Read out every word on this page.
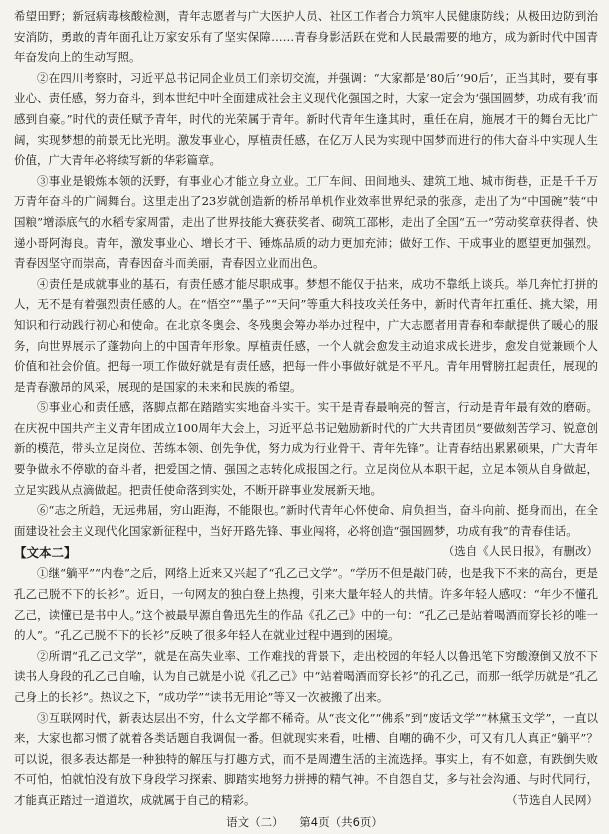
希望田野；新冠病毒核酸检测，青年志愿者与广大医护人员、社区工作者合力筑牢人民健康防线；从极田边防到治安消防，勇敢的青年面孔让万家安乐有了坚实保障……青春身影活跃在党和人民最需要的地方，成为新时代中国青年奋发向上的生动写照。

②在四川考察时，习近平总书记同企业员工们亲切交流，并强调：“大家都是‘80后’‘90后’，正当其时，要有事业心、责任感，努力奋斗，到本世纪中叶全面建成社会主义现代化强国之时，大家一定会为‘强国圆梦，功成有我’而感到自豪。”时代的责任赋予青年，时代的光荣属于青年。新时代青年生逢其时，重任在肩，施展才干的舞台无比广阔，实现梦想的前景无比光明。激发事业心，厚植责任感，在亿万人民为实现中国梦而进行的伟大奋斗中实现人生价值，广大青年必将续写新的华彩篇章。

③事业是锻炼本领的沃野，有事业心才能立身立业。工厂车间、田间地头、建筑工地、城市街巷，正是千千万万青年奋斗的广阔舞台。这里走出了23岁就创造新的桥吊单机作业效率世界纪录的张彦，走出了为“中国碗”装“中国粮”增添底气的水稻专家周雷，走出了世界技能大赛获奖者、砌筑工邵彬，走出了全国“五一”劳动奖章获得者、快递小哥阿海良。青年，激发事业心、增长才干、锤炼品质的动力更加充沛；做好工作、干成事业的愿望更加强烈。青春因坚守而崇高，青春因奋斗而美丽，青春因立业而出色。

④责任是成就事业的基石，有责任感才能尽职成事。梦想不能仅于拈来，成功不靠纸上谈兵。举几奔忙打拼的人，无不是有着强烈责任感的人。在“悟空”“墨子”“天问”等重大科技攻关任务中，新时代青年扛重任、挑大梁，用知识和行动践行初心和使命。在北京冬奥会、冬残奥会筹办举办过程中，广大志愿者用青春和奉献提供了暖心的服务，向世界展示了蓬勃向上的中国青年形象。厚植责任感，一个人就会愈发主动追求成长进步，愈发自觉兼顾个人价值和社会价值。把每一项工作做好就是有责任感，把每一件小事做好就是不平凡。青年用臂膀扛起责任，展现的是青春激昂的风采，展现的是国家的未来和民族的希望。

⑤事业心和责任感，落脚点都在踏踏实实地奋斗实干。实干是青春最响亮的誓言，行动是青年最有效的磨砺。在庆祝中国共产主义青年团成立100周年大会上，习近平总书记勉励新时代的广大共青团员“要做刻苦学习、锐意创新的模范，带头立足岗位、苦练本领、创先争优，努力成为行业骨干、青年先锋”。让青春结出累累硕果，广大青年要争做永不停歇的奋斗者，把爱国之情、强国之志转化成报国之行。立足岗位从本职干起，立足本领从自身做起，立足实践从点滴做起。把责任使命落到实处，不断开辟事业发展新天地。

⑥“志之所趋，无远弗届，穷山距海，不能限也。”新时代青年心怀使命、肩负担当，奋斗向前、挺身而出，在全面建设社会主义现代化国家新征程中，当好开路先锋、事业闯将，必将创造“强国圆梦，功成有我”的青春佳话。
（选自《人民日报》，有删改）

【文本二】

①继“躺平”“内卷”之后，网络上近来又兴起了“孔乙己文学”。“学历不但是敲门砖，也是我下不来的高台，更是孔乙己脱不下的长衫”。近日，一句网友的独白登上热搜，引来大量年轻人的共情。许多年轻人感叹：“年少不懂孔乙己，读懂已是书中人。”这个被最早源自鲁迅先生的作品《孔乙己》中的一句：“孔乙己是站着喝酒而穿长衫的唯一的人”。“孔乙己脱不下的长衫”反映了很多年轻人在就业过程中遇到的困境。

②所谓“孔乙己文学”，就是在高失业率、工作难找的背景下，走出校园的年轻人以鲁迅笔下穷酸潦倒又放不下读书人身段的孔乙己自喻，认为自己就是小说《孔乙己》中“站着喝酒而穿长衫”的孔乙己，而那一纸学历就是“孔乙己身上的长衫”。热议之下，“成功学”“读书无用论”等又一次被搬了出来。

③互联网时代，新表达层出不穷，什么文学都不稀奇。从“丧文化”“佛系”到“废话文学”“林黛玉文学”，一直以来，大家也都习惯了就着各类话题自我调侃一番。但就现实来看，吐槽、自嘲的确不少，可又有几人真正“躺平”？可以说，很多表达都是一种独特的解压与打趣方式，而不是周遭生活的主流选择。事实上，有不如意，有跌倒失败不可怕，怕就怕没有放下身段学习探索、脚踏实地努力拼搏的精气神。不自怨自艾，多与社会沟通、与时代同行，才能真正踏过一道道坎，成就属于自己的精彩。	（节选自人民网）

语文（二） 第4页（共6页）
